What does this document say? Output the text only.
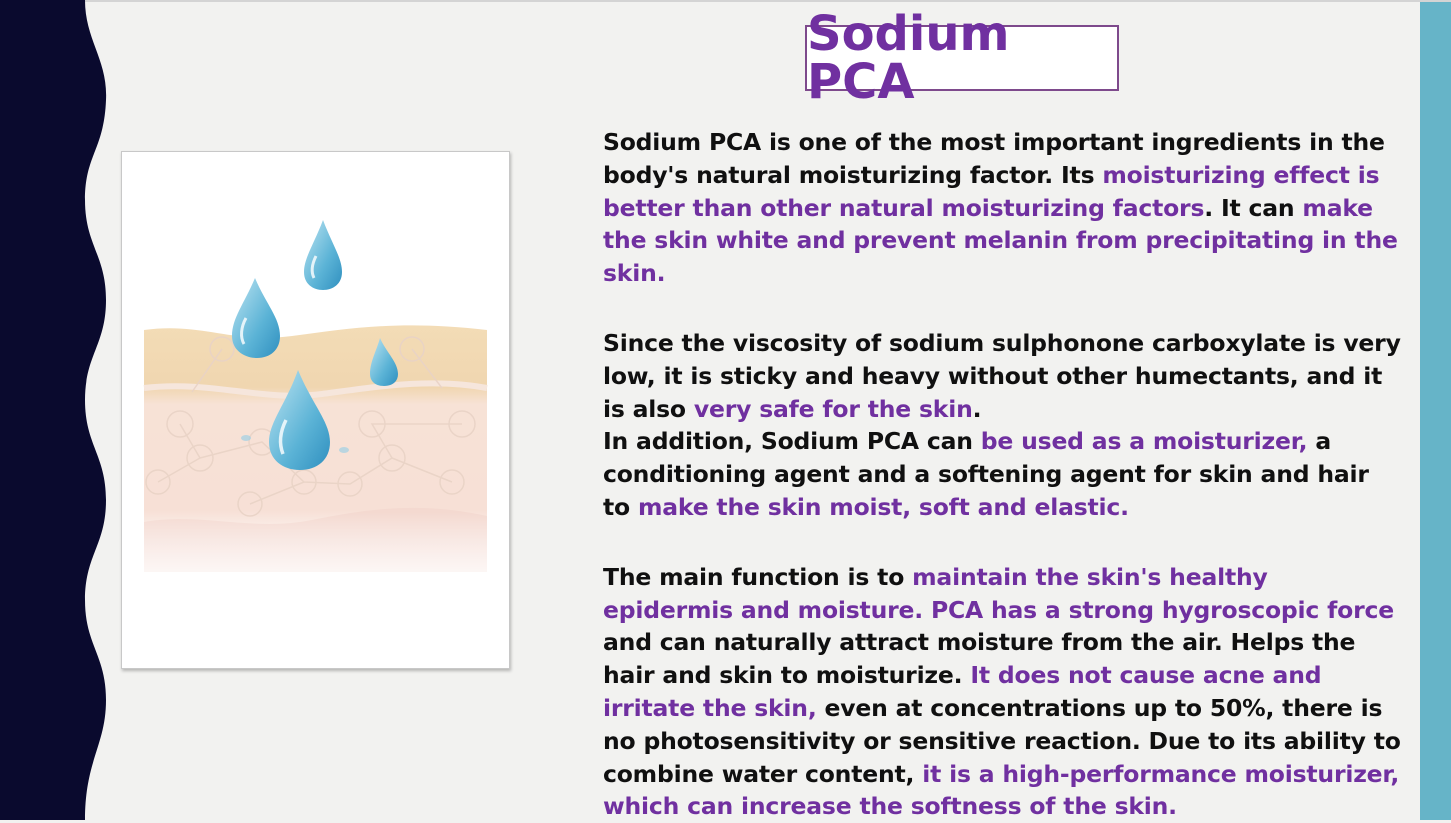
Sodium PCA

Sodium PCA is one of the most important ingredients in the body's natural moisturizing factor. Its moisturizing effect is better than other natural moisturizing factors. It can make the skin white and prevent melanin from precipitating in the skin.

Since the viscosity of sodium sulphonone carboxylate is very low, it is sticky and heavy without other humectants, and it is also very safe for the skin.

In addition, Sodium PCA can be used as a moisturizer, a conditioning agent and a softening agent for skin and hair to make the skin moist, soft and elastic.

The main function is to maintain the skin's healthy epidermis and moisture. PCA has a strong hygroscopic force and can naturally attract moisture from the air. Helps the hair and skin to moisturize. It does not cause acne and irritate the skin, even at concentrations up to 50%, there is no photosensitivity or sensitive reaction. Due to its ability to combine water content, it is a high-performance moisturizer, which can increase the softness of the skin.
